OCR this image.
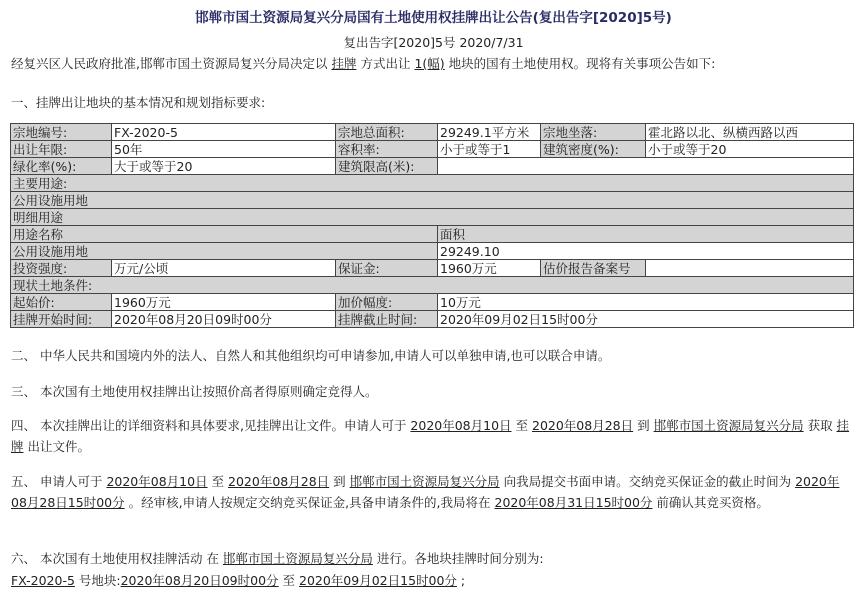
邯郸市国土资源局复兴分局国有土地使用权挂牌出让公告(复出告字[2020]5号)
复出告字[2020]5号 2020/7/31
经复兴区人民政府批准,邯郸市国土资源局复兴分局决定以 挂牌 方式出让 1(幅) 地块的国有土地使用权。现将有关事项公告如下:
一、挂牌出让地块的基本情况和规划指标要求:
宗地编号:	FX-2020-5	宗地总面积:	29249.1平方米	宗地坐落:	霍北路以北、纵横西路以西
出让年限:	50年	容积率:	小于或等于1	建筑密度(%):	小于或等于20
绿化率(%):	大于或等于20	建筑限高(米):			
主要用途:					
公用设施用地					
明细用途					
用途名称			面积		
公用设施用地			29249.10		
投资强度:	万元/公顷	保证金:	1960万元	估价报告备案号	
现状土地条件:					
起始价:	1960万元	加价幅度:	10万元		
挂牌开始时间:	2020年08月20日09时00分	挂牌截止时间:	2020年09月02日15时00分		
二、 中华人民共和国境内外的法人、自然人和其他组织均可申请参加,申请人可以单独申请,也可以联合申请。
三、 本次国有土地使用权挂牌出让按照价高者得原则确定竞得人。
四、 本次挂牌出让的详细资料和具体要求,见挂牌出让文件。申请人可于 2020年08月10日 至 2020年08月28日 到 邯郸市国土资源局复兴分局 获取 挂牌 出让文件。
五、 申请人可于 2020年08月10日 至 2020年08月28日 到 邯郸市国土资源局复兴分局 向我局提交书面申请。交纳竞买保证金的截止时间为 2020年08月28日15时00分 。经审核,申请人按规定交纳竞买保证金,具备申请条件的,我局将在 2020年08月31日15时00分 前确认其竞买资格。
六、 本次国有土地使用权挂牌活动 在 邯郸市国土资源局复兴分局 进行。各地块挂牌时间分别为:
FX-2020-5 号地块:2020年08月20日09时00分 至 2020年09月02日15时00分 ;
